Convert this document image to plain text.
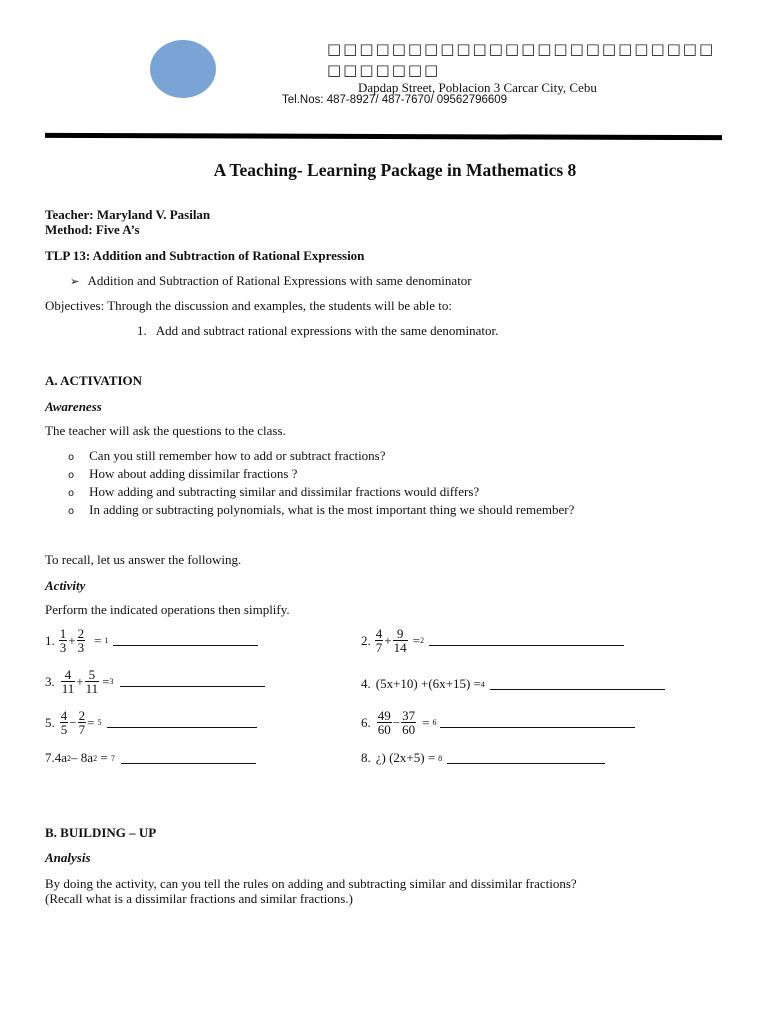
□□□□□□□□□□□□□□□□□□□□□□□□□□□□□□□
Dapdap Street, Poblacion 3 Carcar City, Cebu
Tel.Nos: 487-8927/ 487-7670/ 09562796609
A Teaching- Learning Package in Mathematics 8
Teacher: Maryland V. Pasilan
Method: Five A’s
TLP 13: Addition and Subtraction of Rational Expression
➢ Addition and Subtraction of Rational Expressions with same denominator
Objectives: Through the discussion and examples, the students will be able to:
1.   Add and subtract rational expressions with the same denominator.
A. ACTIVATION
Awareness
The teacher will ask the questions to the class.
o Can you still remember how to add or subtract fractions?
o How about adding dissimilar fractions ?
o How adding and subtracting similar and dissimilar fractions would differs?
o In adding or subtracting polynomials, what is the most important thing we should remember?
To recall, let us answer the following.
Activity
Perform the indicated operations then simplify.
1. $\frac{1}{3} + \frac{2}{3} = 1$	2. $\frac{4}{7} + \frac{9}{14} = 2$
3. $\frac{4}{11} + \frac{5}{11} = 3$	4. (5x+10) +(6x+15) = 4
5. $\frac{4}{5} - \frac{2}{7} = 5$	6. $\frac{49}{60} - \frac{37}{60} = 6$
7.4a 2 – 8a 2 = 7	8. ¿) (2x+5) = 8
B. BUILDING – UP
Analysis
By doing the activity, can you tell the rules on adding and subtracting similar and dissimilar fractions?
(Recall what is a dissimilar fractions and similar fractions.)
